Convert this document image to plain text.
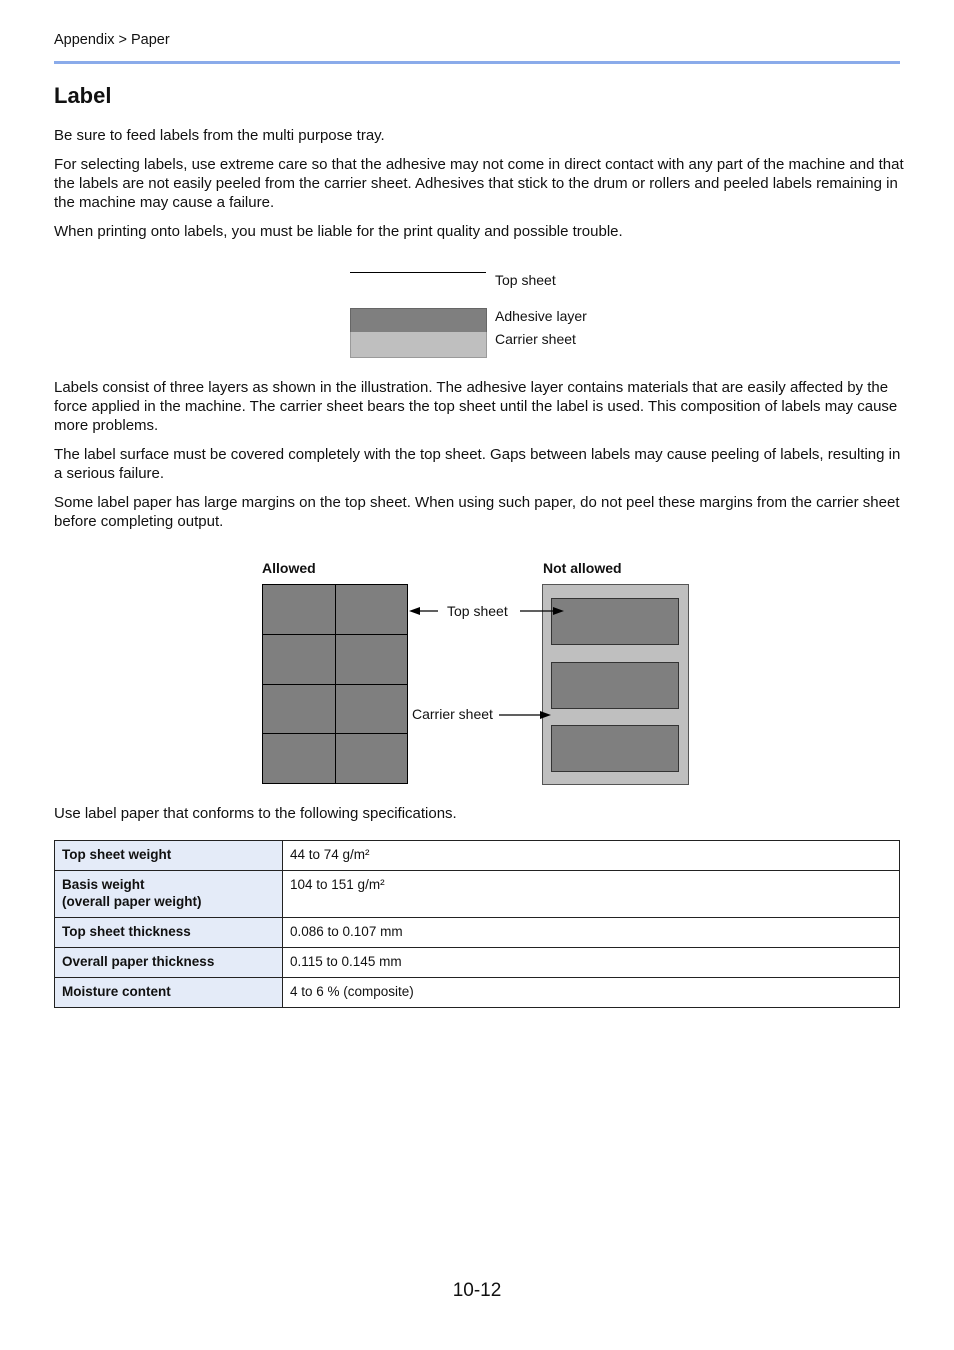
Appendix > Paper
Label

Be sure to feed labels from the multi purpose tray.

For selecting labels, use extreme care so that the adhesive may not come in direct contact with any part of the machine and that the labels are not easily peeled from the carrier sheet. Adhesives that stick to the drum or rollers and peeled labels remaining in the machine may cause a failure.

When printing onto labels, you must be liable for the print quality and possible trouble.

Top sheet
Adhesive layer
Carrier sheet

Labels consist of three layers as shown in the illustration. The adhesive layer contains materials that are easily affected by the force applied in the machine. The carrier sheet bears the top sheet until the label is used. This composition of labels may cause more problems.

The label surface must be covered completely with the top sheet. Gaps between labels may cause peeling of labels, resulting in a serious failure.

Some label paper has large margins on the top sheet. When using such paper, do not peel these margins from the carrier sheet before completing output.

Allowed	Not allowed
Top sheet
Carrier sheet

Use label paper that conforms to the following specifications.

Top sheet weight	44 to 74 g/m²
Basis weight
(overall paper weight)	104 to 151 g/m²
Top sheet thickness	0.086 to 0.107 mm
Overall paper thickness	0.115 to 0.145 mm
Moisture content	4 to 6 % (composite)
10-12
